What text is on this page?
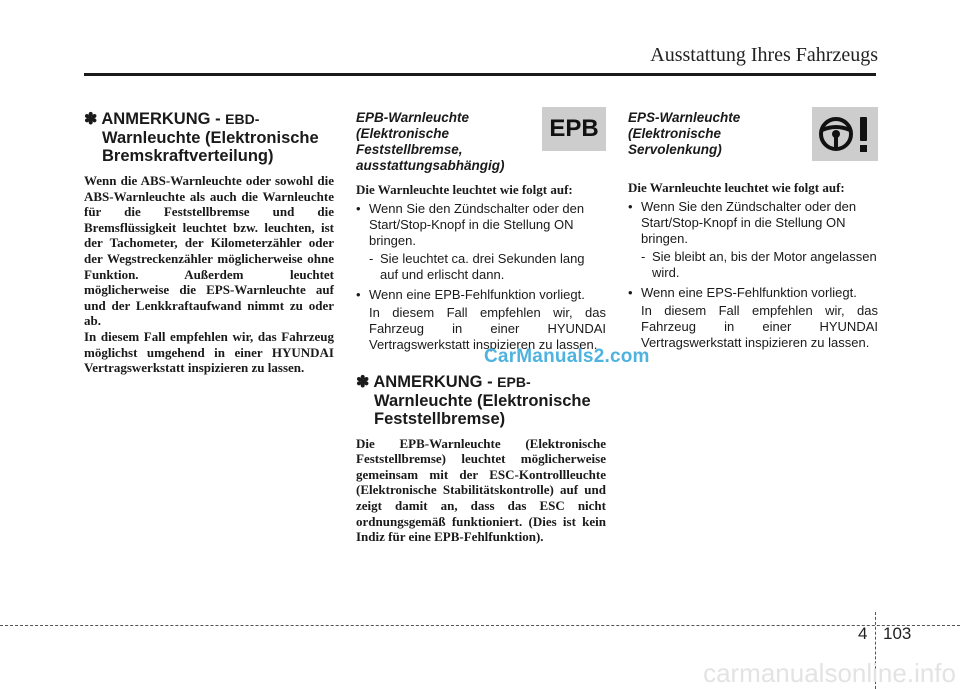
Ausstattung Ihres Fahrzeugs
✽ ANMERKUNG - EBD-
Warnleuchte (Elektronische
Bremskraftverteilung)

Wenn die ABS-Warnleuchte oder sowohl die ABS-Warnleuchte als auch die Warnleuchte für die Feststellbremse und die Bremsflüssigkeit leuchtet bzw. leuchten, ist der Tachometer, der Kilometerzähler oder der Wegstreckenzähler möglicherweise ohne Funktion. Außerdem leuchtet möglicherweise die EPS-Warnleuchte auf und der Lenkkraftaufwand nimmt zu oder ab.

In diesem Fall empfehlen wir, das Fahrzeug möglichst umgehend in einer HYUNDAI Vertragswerkstatt inspizieren zu lassen.

EPB-Warnleuchte
(Elektronische
Feststellbremse,
ausstattungsabhängig)
EPB

Die Warnleuchte leuchtet wie folgt auf:

• Wenn Sie den Zündschalter oder den Start/Stop-Knopf in die Stellung ON bringen.
- Sie leuchtet ca. drei Sekunden lang auf und erlischt dann.
• Wenn eine EPB-Fehlfunktion vorliegt.

In diesem Fall empfehlen wir, das Fahrzeug in einer HYUNDAI Vertragswerkstatt inspizieren zu lassen.

✽ ANMERKUNG - EPB-
Warnleuchte (Elektronische
Feststellbremse)

Die EPB-Warnleuchte (Elektronische Feststellbremse) leuchtet möglicherweise gemeinsam mit der ESC-Kontrollleuchte (Elektronische Stabilitätskontrolle) auf und zeigt damit an, dass das ESC nicht ordnungsgemäß funktioniert. (Dies ist kein Indiz für eine EPB-Fehlfunktion).

EPS-Warnleuchte
(Elektronische
Servolenkung)

Die Warnleuchte leuchtet wie folgt auf:

• Wenn Sie den Zündschalter oder den Start/Stop-Knopf in die Stellung ON bringen.
- Sie bleibt an, bis der Motor angelassen wird.
• Wenn eine EPS-Fehlfunktion vorliegt.

In diesem Fall empfehlen wir, das Fahrzeug in einer HYUNDAI Vertragswerkstatt inspizieren zu lassen.

CarManuals2.com
4 103
carmanualsonline.info
